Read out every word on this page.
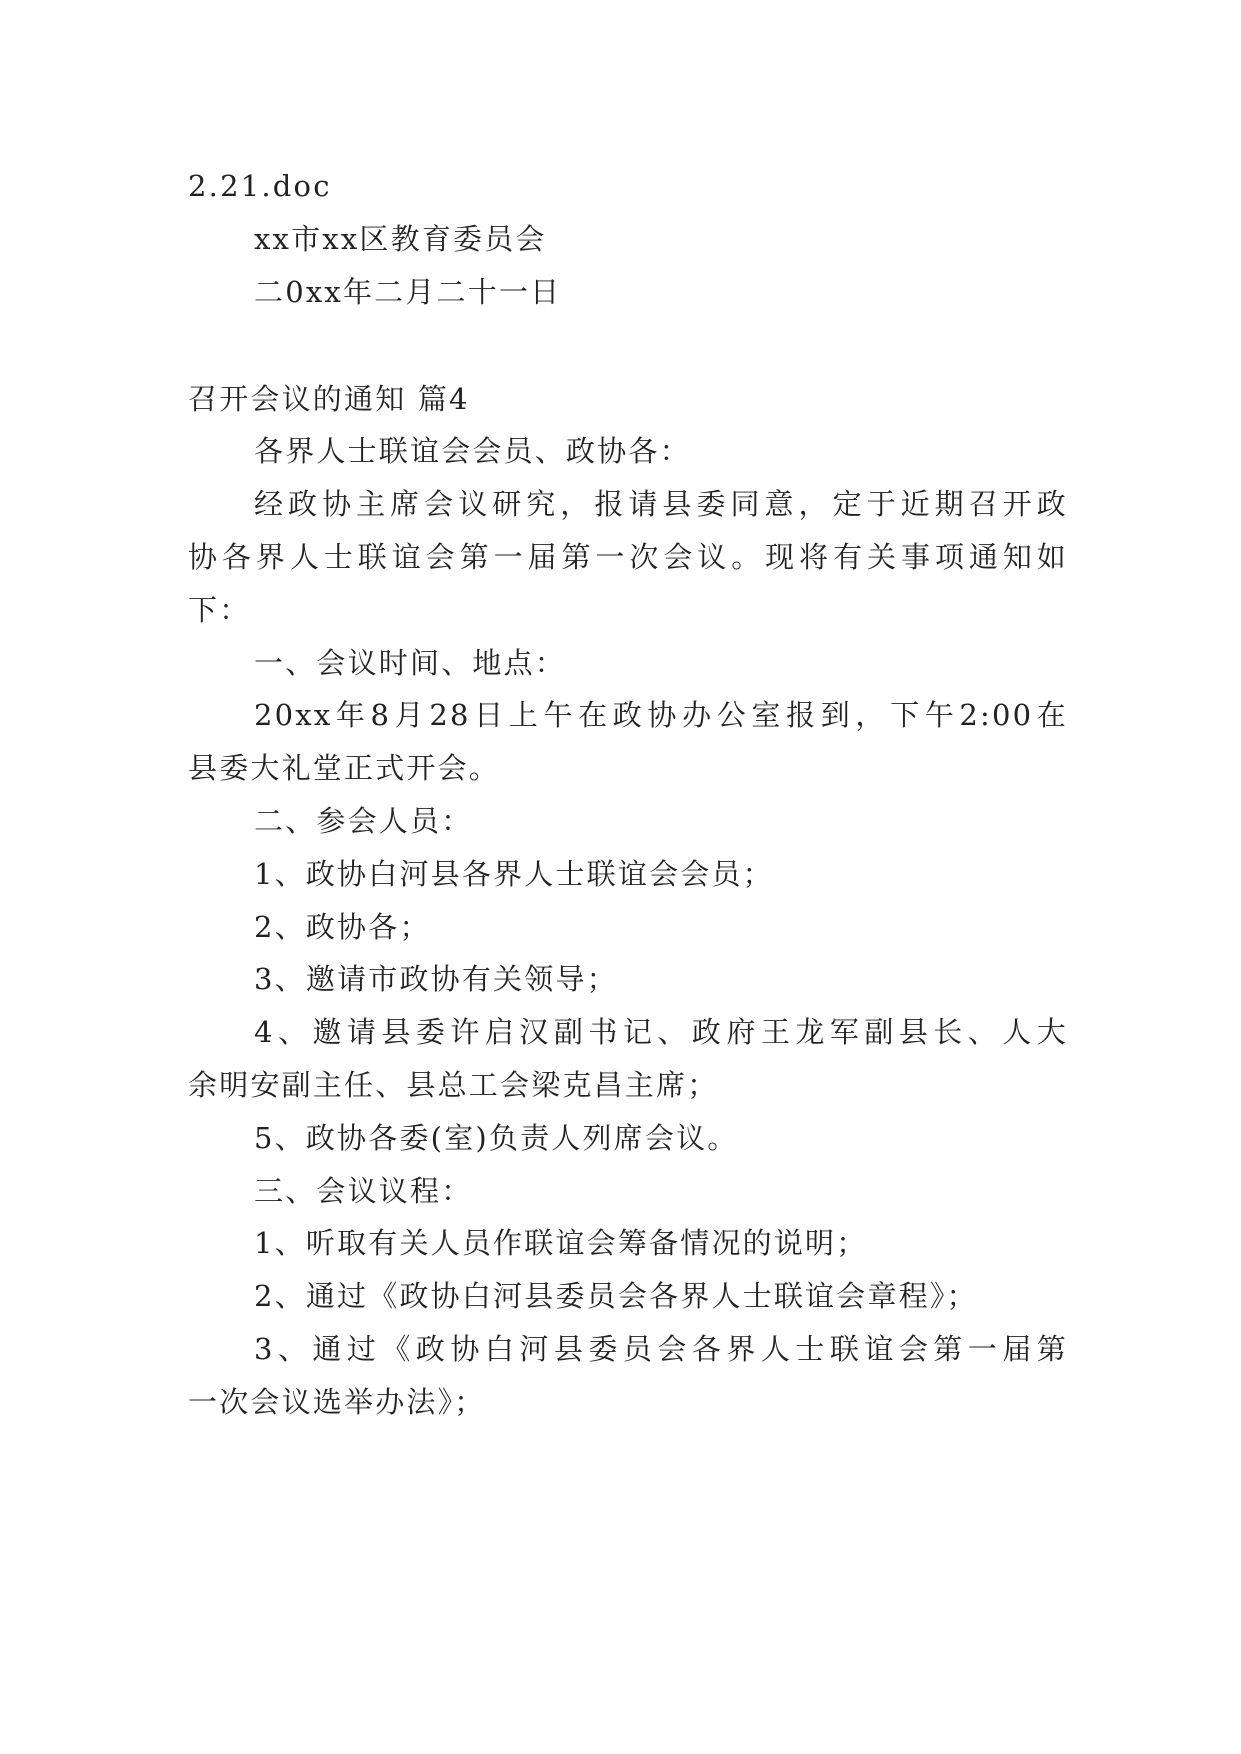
2.21.doc
xx市xx区教育委员会
二0xx年二月二十一日
召开会议的通知 篇4
各界人士联谊会会员、政协各：
经政协主席会议研究，报请县委同意，定于近期召开政
协各界人士联谊会第一届第一次会议。现将有关事项通知如
下：
一、会议时间、地点：
20xx年8月28日上午在政协办公室报到，下午2:00在
县委大礼堂正式开会。
二、参会人员：
1、政协白河县各界人士联谊会会员；
2、政协各；
3、邀请市政协有关领导；
4、邀请县委许启汉副书记、政府王龙军副县长、人大
余明安副主任、县总工会梁克昌主席；
5、政协各委(室)负责人列席会议。
三、会议议程：
1、听取有关人员作联谊会筹备情况的说明；
2、通过《政协白河县委员会各界人士联谊会章程》；
3、通过《政协白河县委员会各界人士联谊会第一届第
一次会议选举办法》；
